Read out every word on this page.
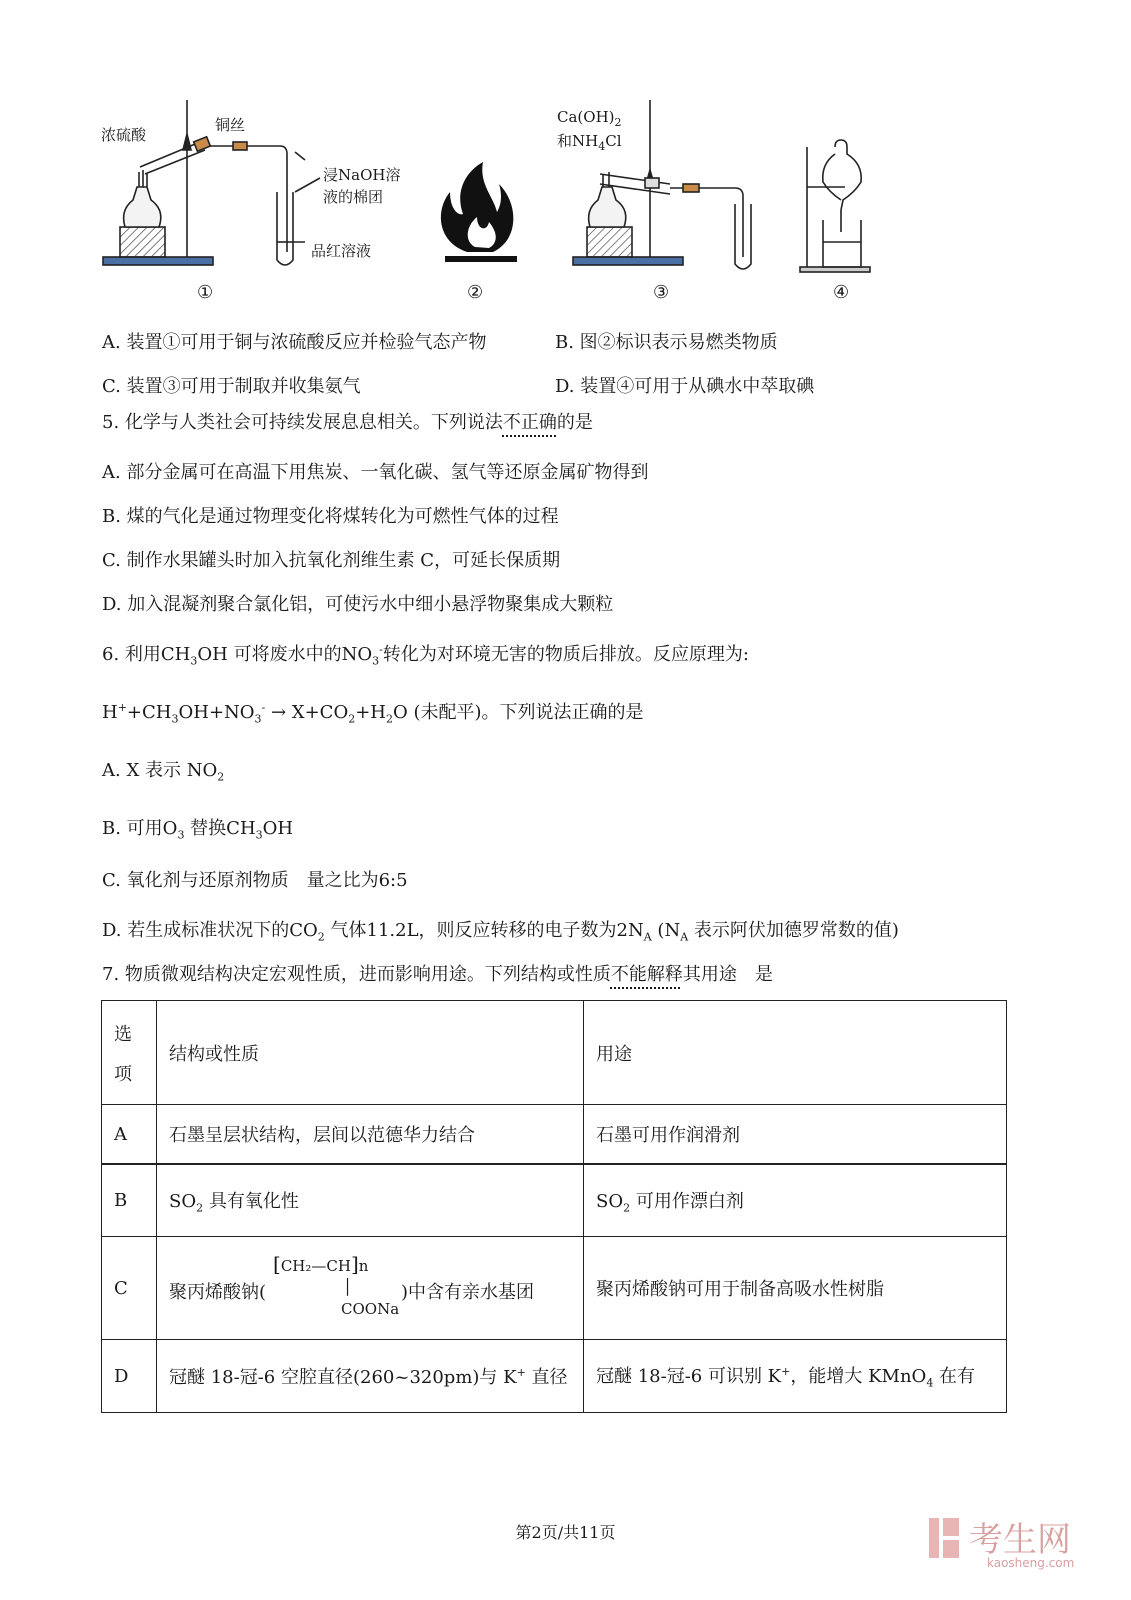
浓硫酸
铜丝
浸NaOH溶
液的棉团
品红溶液
$Ca(OH)_2$
和$NH_4Cl$
①	②	③	④
A. 装置①可用于铜与浓硫酸反应并检验气态产物	B. 图②标识表示易燃类物质
C. 装置③可用于制取并收集氨气	D. 装置④可用于从碘水中萃取碘
5. 化学与人类社会可持续发展息息相关。下列说法不正确的是
A. 部分金属可在高温下用焦炭、一氧化碳、氢气等还原金属矿物得到
B. 煤的气化是通过物理变化将煤转化为可燃性气体的过程
C. 制作水果罐头时加入抗氧化剂维生素 C，可延长保质期
D. 加入混凝剂聚合氯化铝，可使污水中细小悬浮物聚集成大颗粒
6. 利用$CH_3OH$ 可将废水中的$NO_3^-$转化为对环境无害的物质后排放。反应原理为:
$H^++CH_3OH+NO_3^- \to X+CO_2+H_2O$ (未配平)。下列说法正确的是
A. X 表示 $NO_2$
B. 可用$O_3$ 替换$CH_3OH$
C. 氧化剂与还原剂物质　量之比为6:5
D. 若生成标准状况下的$CO_2$ 气体11.2L，则反应转移的电子数为$2N_A$ ($N_A$ 表示阿伏加德罗常数的值)
7. 物质微观结构决定宏观性质，进而影响用途。下列结构或性质不能解释其用途　是
选
项	结构或性质	用途
A	石墨呈层状结构，层间以范德华力结合	石墨可用作润滑剂
B	$SO_2$ 具有氧化性	$SO_2$ 可用作漂白剂
C	聚丙烯酸钠(
[CH₂—CH]n
│
COONa
)中含有亲水基团	聚丙烯酸钠可用于制备高吸水性树脂
D	冠醚 18-冠-6 空腔直径(260~320pm)与 K+ 直径	冠醚 18-冠-6 可识别 K+，能增大 KMnO$_4$ 在有
第2页/共11页	考生网
kaosheng.com
